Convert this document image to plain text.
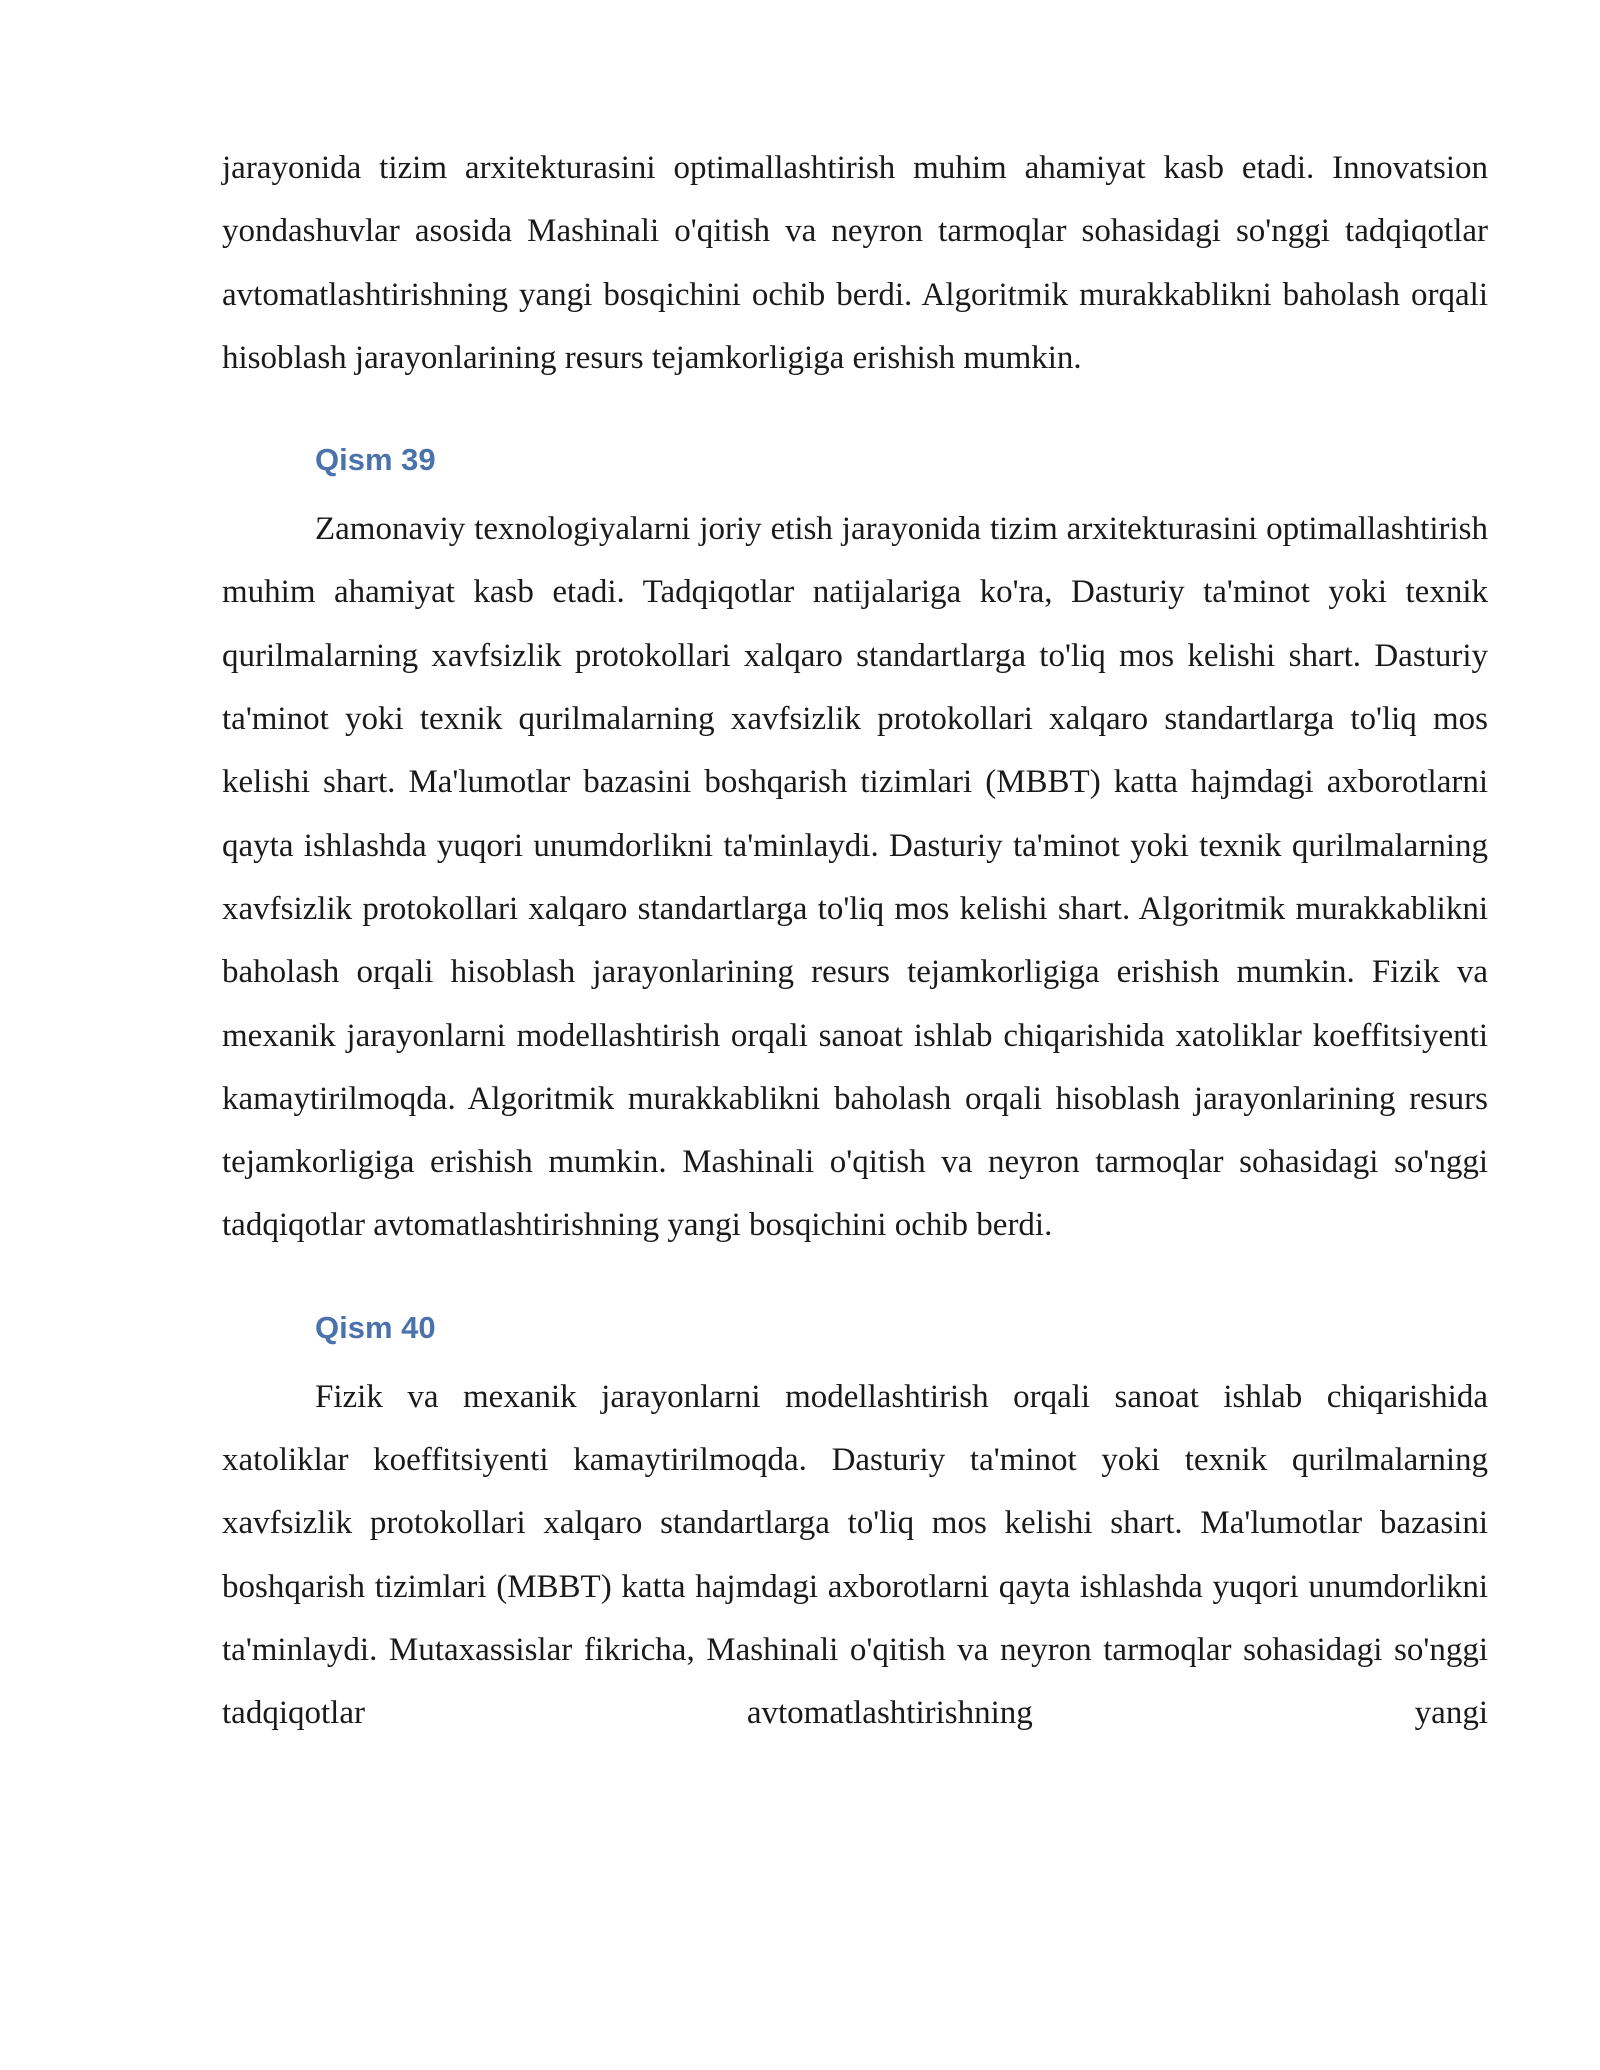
jarayonida tizim arxitekturasini optimallashtirish muhim ahamiyat kasb etadi. Innovatsion yondashuvlar asosida Mashinali o'qitish va neyron tarmoqlar sohasidagi so'nggi tadqiqotlar avtomatlashtirishning yangi bosqichini ochib berdi. Algoritmik murakkablikni baholash orqali hisoblash jarayonlarining resurs tejamkorligiga erishish mumkin.

Qism 39

Zamonaviy texnologiyalarni joriy etish jarayonida tizim arxitekturasini optimallashtirish muhim ahamiyat kasb etadi. Tadqiqotlar natijalariga ko'ra, Dasturiy ta'minot yoki texnik qurilmalarning xavfsizlik protokollari xalqaro standartlarga to'liq mos kelishi shart. Dasturiy ta'minot yoki texnik qurilmalarning xavfsizlik protokollari xalqaro standartlarga to'liq mos kelishi shart. Ma'lumotlar bazasini boshqarish tizimlari (MBBT) katta hajmdagi axborotlarni qayta ishlashda yuqori unumdorlikni ta'minlaydi. Dasturiy ta'minot yoki texnik qurilmalarning xavfsizlik protokollari xalqaro standartlarga to'liq mos kelishi shart. Algoritmik murakkablikni baholash orqali hisoblash jarayonlarining resurs tejamkorligiga erishish mumkin. Fizik va mexanik jarayonlarni modellashtirish orqali sanoat ishlab chiqarishida xatoliklar koeffitsiyenti kamaytirilmoqda. Algoritmik murakkablikni baholash orqali hisoblash jarayonlarining resurs tejamkorligiga erishish mumkin. Mashinali o'qitish va neyron tarmoqlar sohasidagi so'nggi tadqiqotlar avtomatlashtirishning yangi bosqichini ochib berdi.

Qism 40

Fizik va mexanik jarayonlarni modellashtirish orqali sanoat ishlab chiqarishida xatoliklar koeffitsiyenti kamaytirilmoqda. Dasturiy ta'minot yoki texnik qurilmalarning xavfsizlik protokollari xalqaro standartlarga to'liq mos kelishi shart. Ma'lumotlar bazasini boshqarish tizimlari (MBBT) katta hajmdagi axborotlarni qayta ishlashda yuqori unumdorlikni ta'minlaydi. Mutaxassislar fikricha, Mashinali o'qitish va neyron tarmoqlar sohasidagi so'nggi tadqiqotlar avtomatlashtirishning yangi
